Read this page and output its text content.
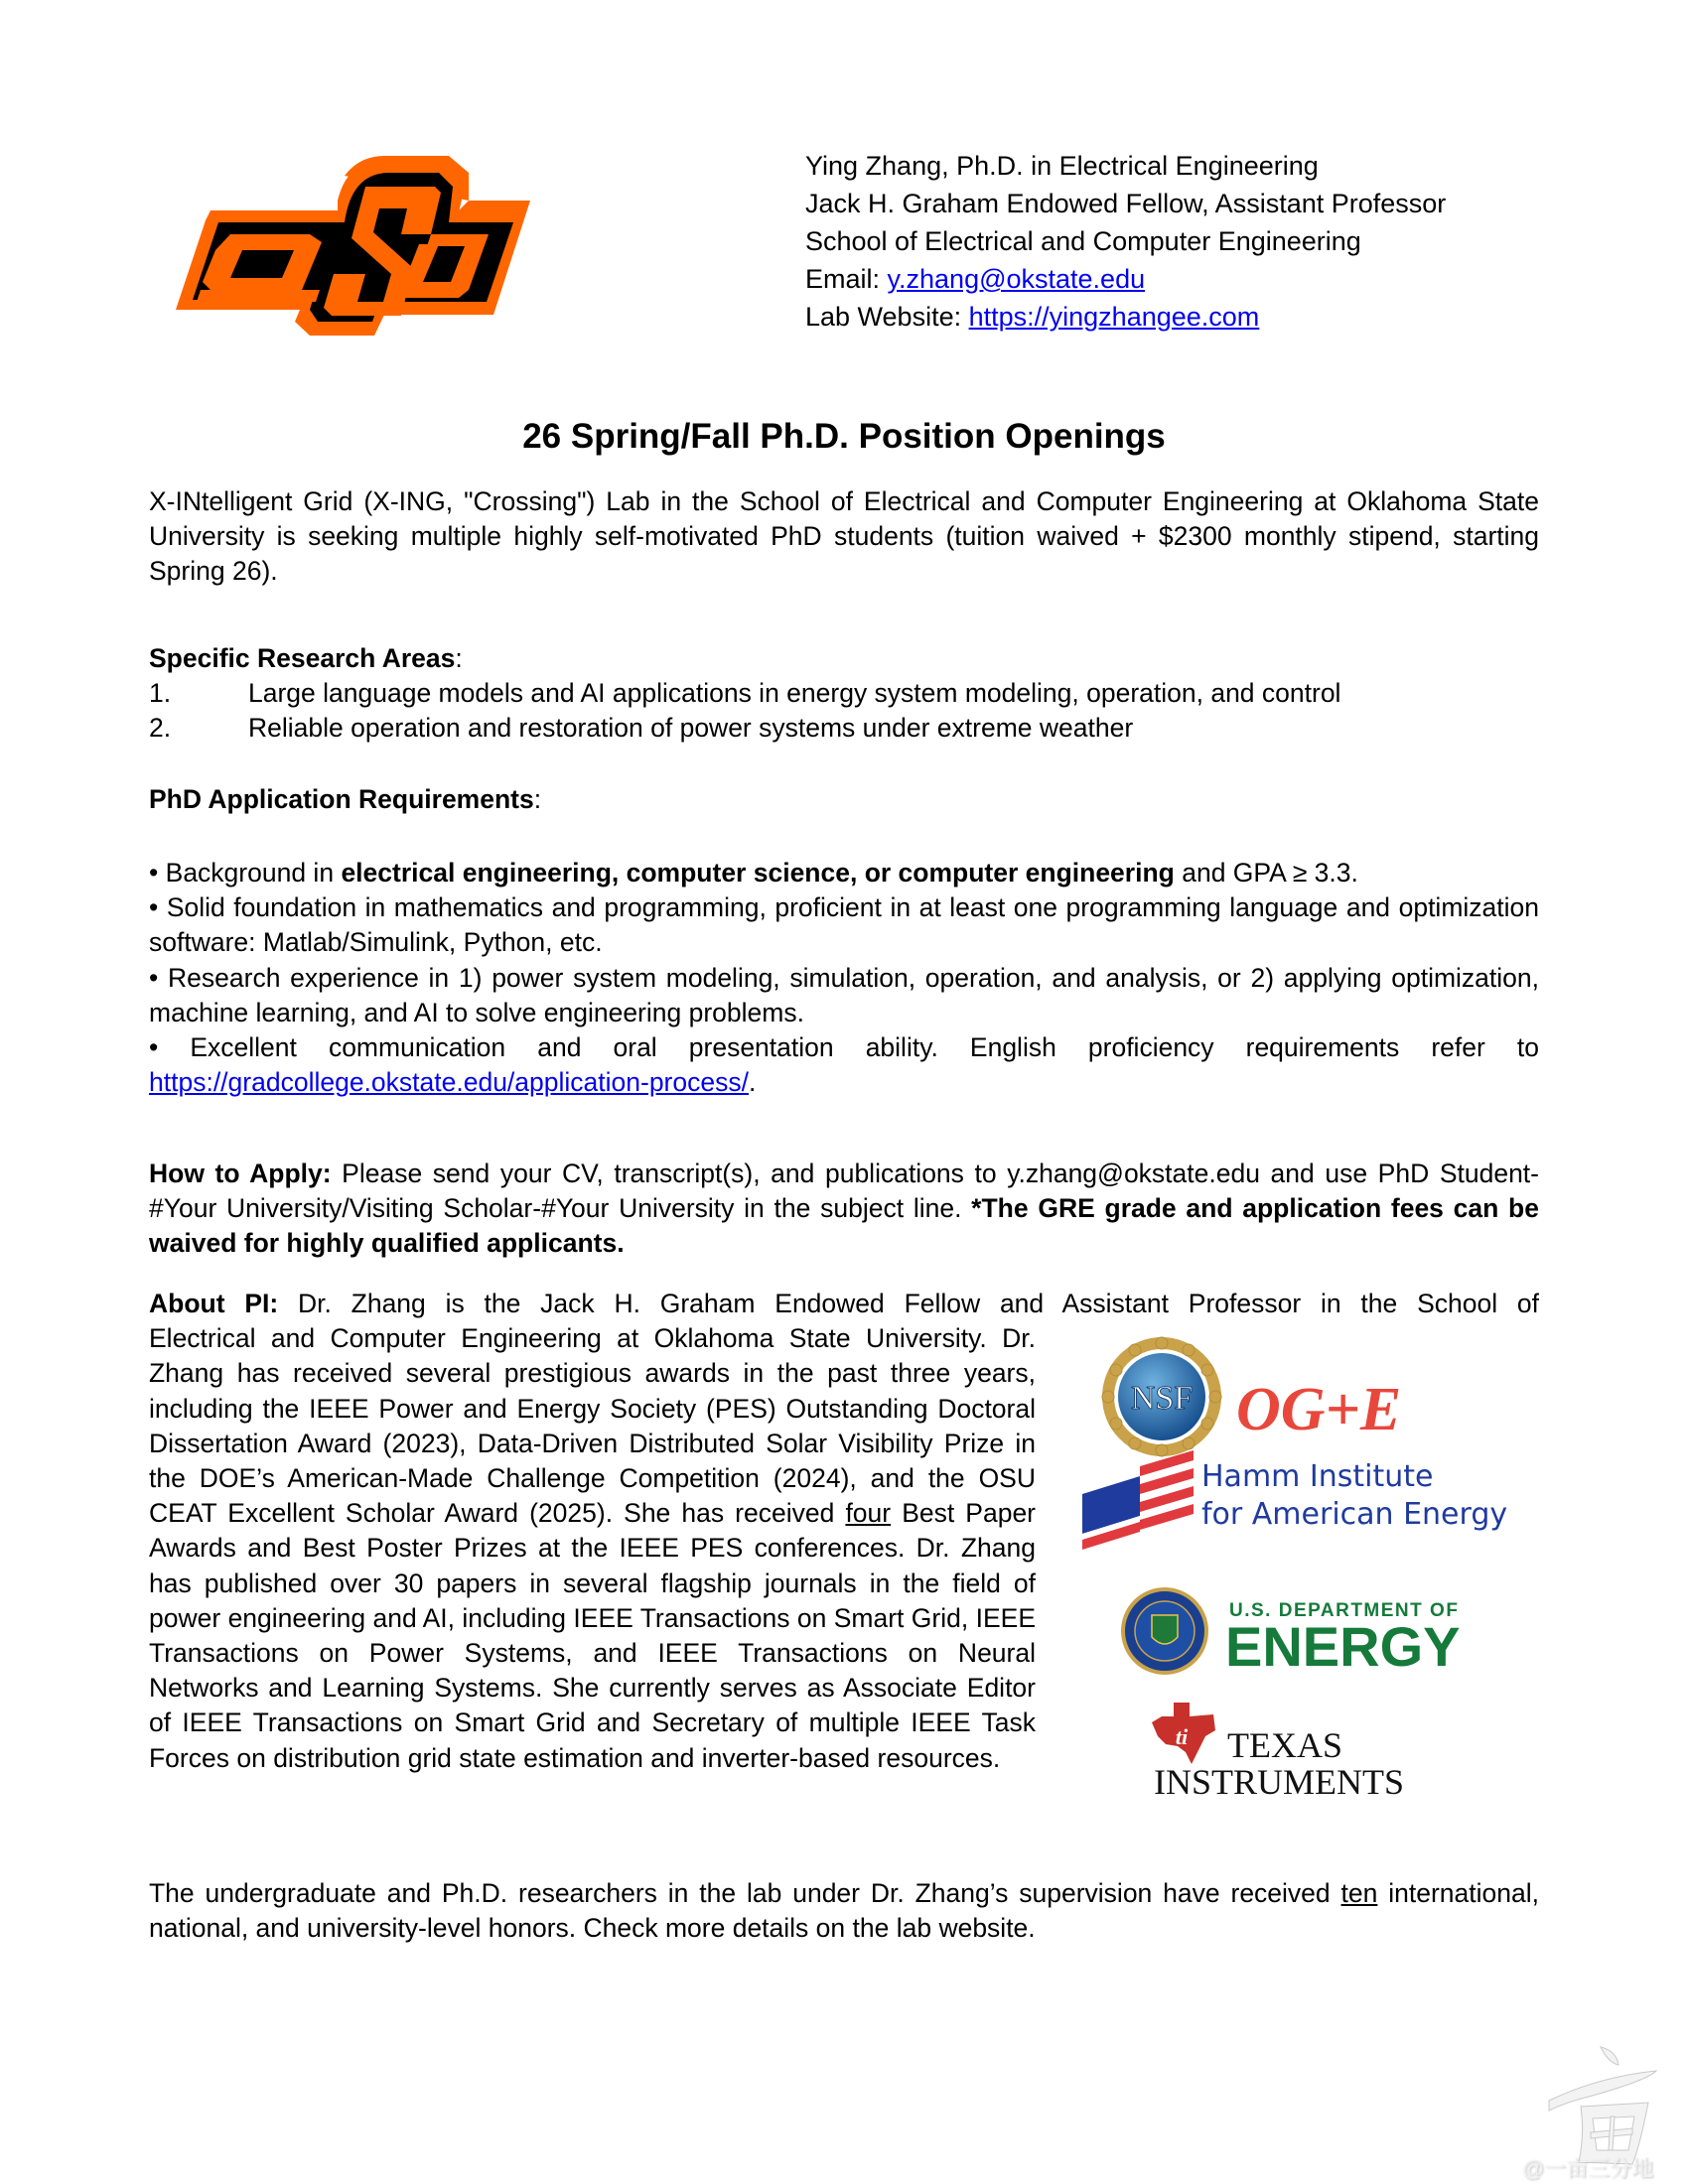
Ying Zhang, Ph.D. in Electrical Engineering
Jack H. Graham Endowed Fellow, Assistant Professor
School of Electrical and Computer Engineering
Email: y.zhang@okstate.edu
Lab Website: https://yingzhangee.com
26 Spring/Fall Ph.D. Position Openings
X-INtelligent Grid (X-ING, "Crossing") Lab in the School of Electrical and Computer Engineering at Oklahoma State University is seeking multiple highly self-motivated PhD students (tuition waived + $2300 monthly stipend, starting Spring 26).
Specific Research Areas:
1.	Large language models and AI applications in energy system modeling, operation, and control
2.	Reliable operation and restoration of power systems under extreme weather
PhD Application Requirements:
• Background in electrical engineering, computer science, or computer engineering and GPA ≥ 3.3.
• Solid foundation in mathematics and programming, proficient in at least one programming language and optimization software: Matlab/Simulink, Python, etc.
• Research experience in 1) power system modeling, simulation, operation, and analysis, or 2) applying optimization, machine learning, and AI to solve engineering problems.
• Excellent communication and oral presentation ability. English proficiency requirements refer to https://gradcollege.okstate.edu/application-process/.
How to Apply: Please send your CV, transcript(s), and publications to y.zhang@okstate.edu and use PhD Student-#Your University/Visiting Scholar-#Your University in the subject line. *The GRE grade and application fees can be waived for highly qualified applicants.
About PI: Dr. Zhang is the Jack H. Graham Endowed Fellow and Assistant Professor in the School of
Electrical and Computer Engineering at Oklahoma State University. Dr. Zhang has received several prestigious awards in the past three years, including the IEEE Power and Energy Society (PES) Outstanding Doctoral Dissertation Award (2023), Data-Driven Distributed Solar Visibility Prize in the DOE’s American-Made Challenge Competition (2024), and the OSU CEAT Excellent Scholar Award (2025). She has received four Best Paper Awards and Best Poster Prizes at the IEEE PES conferences. Dr. Zhang has published over 30 papers in several flagship journals in the field of power engineering and AI, including IEEE Transactions on Smart Grid, IEEE Transactions on Power Systems, and IEEE Transactions on Neural Networks and Learning Systems. She currently serves as Associate Editor of IEEE Transactions on Smart Grid and Secretary of multiple IEEE Task Forces on distribution grid state estimation and inverter-based resources.
NSF OG+E
Hamm Institute
for American Energy
U.S. DEPARTMENT OF
ENERGY
ti TEXAS
INSTRUMENTS
The undergraduate and Ph.D. researchers in the lab under Dr. Zhang’s supervision have received ten international, national, and university-level honors. Check more details on the lab website.
@一亩三分地
